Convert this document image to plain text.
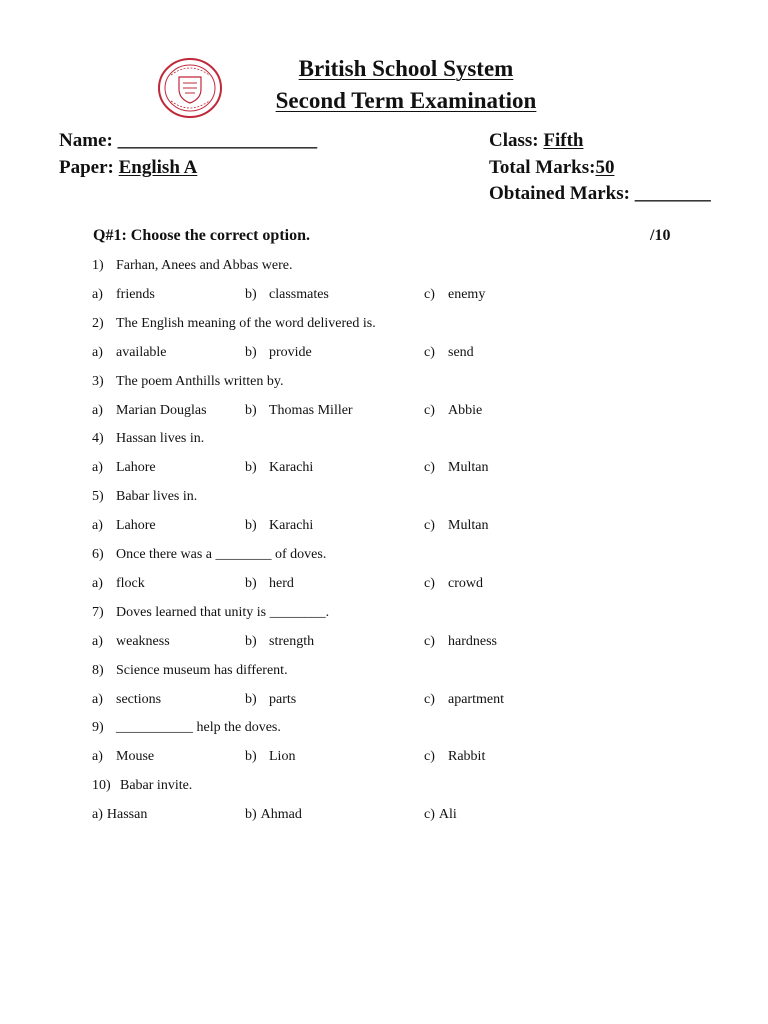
British School System
Second Term Examination
Name: _____________________
Paper: English A
Class: Fifth
Total Marks:50
Obtained Marks: ________
Q#1: Choose the correct option.	/10
1) Farhan, Anees and Abbas were.
a) friends	b) classmates	c) enemy
2) The English meaning of the word delivered is.
a) available	b) provide	c) send
3) The poem Anthills written by.
a) Marian Douglas	b) Thomas Miller	c) Abbie
4) Hassan lives in.
a) Lahore	b) Karachi	c) Multan
5) Babar lives in.
a) Lahore	b) Karachi	c) Multan
6) Once there was a ________ of doves.
a) flock	b) herd	c) crowd
7) Doves learned that unity is ________.
a) weakness	b) strength	c) hardness
8) Science museum has different.
a) sections	b) parts	c) apartment
9) ___________ help the doves.
a) Mouse	b) Lion	c) Rabbit
10) Babar invite.
a) Hassan	b) Ahmad	c) Ali
